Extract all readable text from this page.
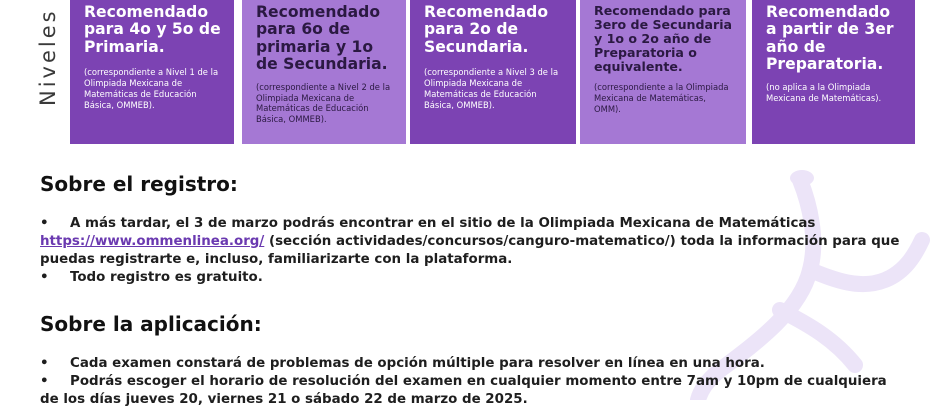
Niveles Recomendado para 4o y 5o de Primaria.

(correspondiente a Nivel 1 de la Olimpiada Mexicana de Matemáticas de Educación Básica, OMMEB).

Recomendado para 6o de primaria y 1o de Secundaria.

(correspondiente a Nivel 2 de la Olimpiada Mexicana de Matemáticas de Educación Básica, OMMEB).

Recomendado para 2o de Secundaria.

(correspondiente a Nivel 3 de la Olimpiada Mexicana de Matemáticas de Educación Básica, OMMEB).

Recomendado para 3ero de Secundaria y 1o o 2o año de Preparatoria o equivalente.

(correspondiente a la Olimpiada Mexicana de Matemáticas, OMM).

Recomendado a partir de 3er año de Preparatoria.

(no aplica a la Olimpiada Mexicana de Matemáticas).

Sobre el registro:
• A más tardar, el 3 de marzo podrás encontrar en el sitio de la Olimpiada Mexicana de Matemáticas
https://www.ommenlinea.org/ (sección actividades/concursos/canguro-matematico/) toda la información para que puedas registrarte e, incluso, familiarizarte con la plataforma.
• Todo registro es gratuito.
Sobre la aplicación:
• Cada examen constará de problemas de opción múltiple para resolver en línea en una hora.
• Podrás escoger el horario de resolución del examen en cualquier momento entre 7am y 10pm de cualquiera de los días jueves 20, viernes 21 o sábado 22 de marzo de 2025.
